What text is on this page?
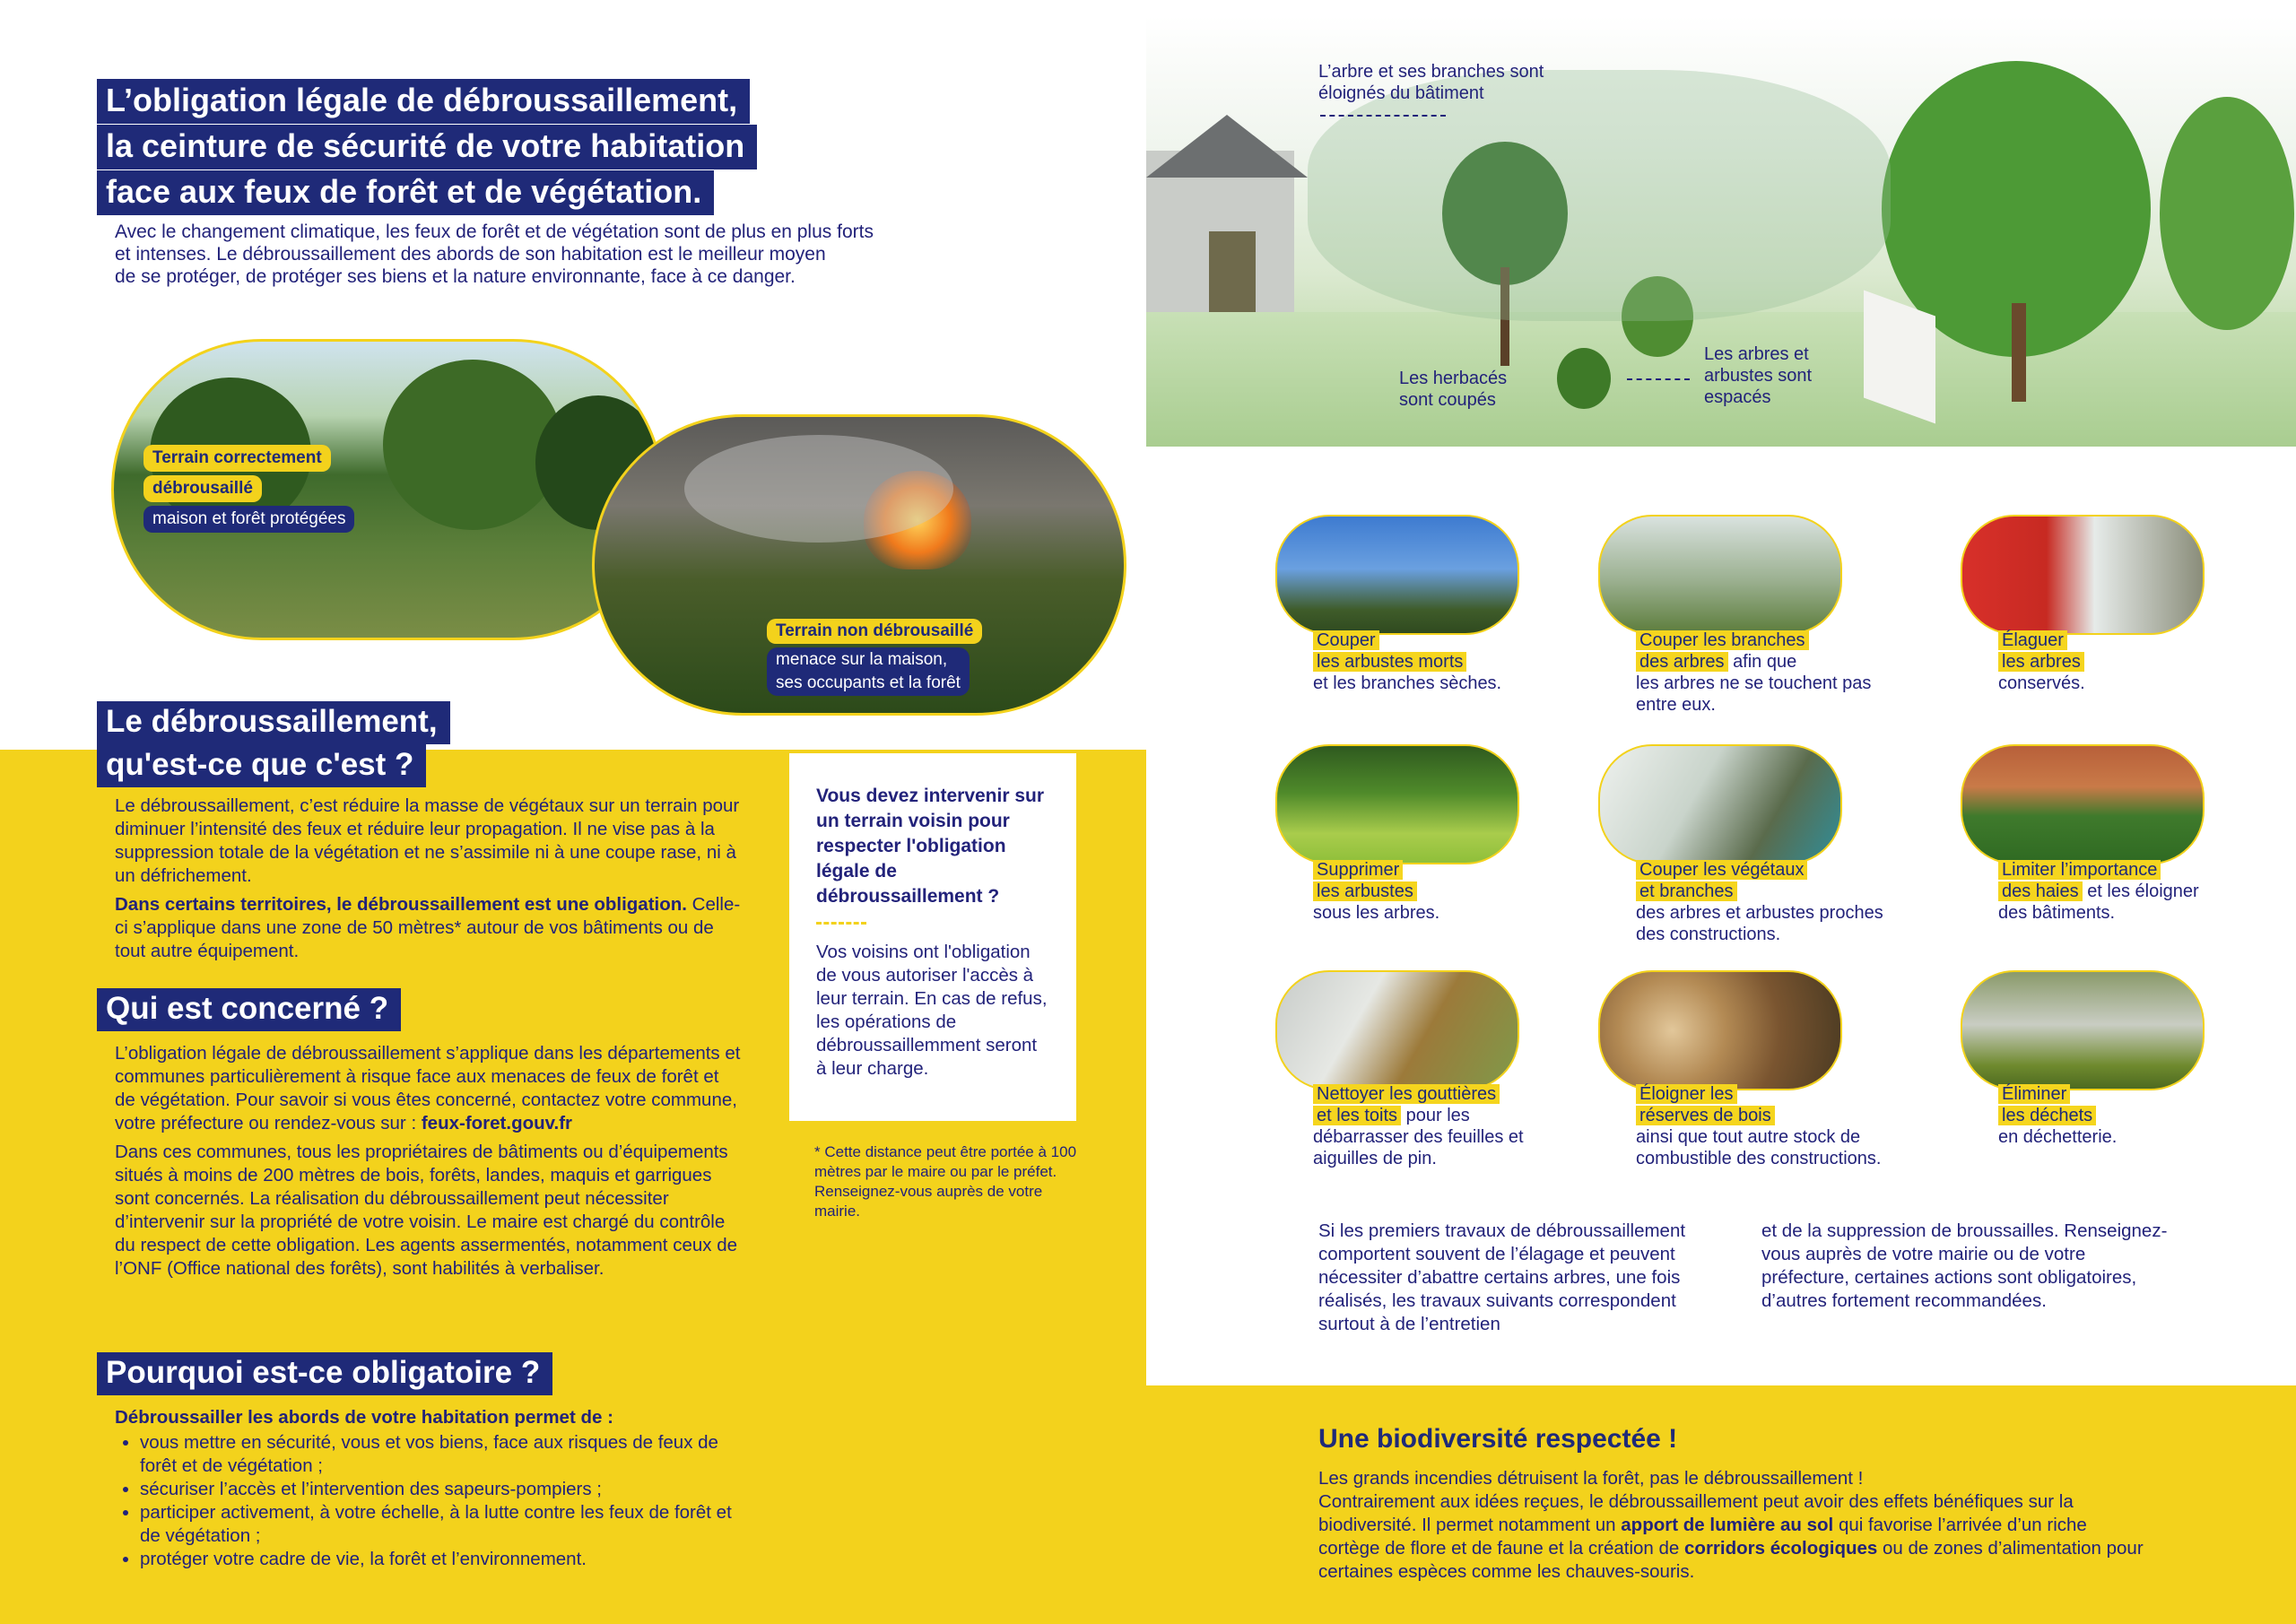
L’obligation légale de débroussaillement,
la ceinture de sécurité de votre habitation
face aux feux de forêt et de végétation.
Avec le changement climatique, les feux de forêt et de végétation sont de plus en plus forts
et intenses. Le débroussaillement des abords de son habitation est le meilleur moyen
de se protéger, de protéger ses biens et la nature environnante, face à ce danger.
Terrain correctement
débrousaillé
maison et forêt protégées
Terrain non débrousaillé
menace sur la maison,
ses occupants et la forêt
Le débroussaillement,
qu'est-ce que c'est ?

Le débroussaillement, c’est réduire la masse de végétaux sur un terrain pour diminuer l’intensité des feux et réduire leur propagation. Il ne vise pas à la suppression totale de la végétation et ne s’assimile ni à une coupe rase, ni à un défrichement.

Dans certains territoires, le débroussaillement est une obligation. Celle-ci s’applique dans une zone de 50 mètres* autour de vos bâtiments ou de tout autre équipement.

Qui est concerné ?

L’obligation légale de débroussaillement s’applique dans les départements et communes particulièrement à risque face aux menaces de feux de forêt et de végétation. Pour savoir si vous êtes concerné, contactez votre commune, votre préfecture ou rendez-vous sur : feux-foret.gouv.fr

Dans ces communes, tous les propriétaires de bâtiments ou d’équipements situés à moins de 200 mètres de bois, forêts, landes, maquis et garrigues sont concernés. La réalisation du débroussaillement peut nécessiter d’intervenir sur la propriété de votre voisin. Le maire est chargé du contrôle du respect de cette obligation. Les agents assermentés, notamment ceux de l’ONF (Office national des forêts), sont habilités à verbaliser.

Pourquoi est-ce obligatoire ?
Débroussailler les abords de votre habitation permet de :
• vous mettre en sécurité, vous et vos biens, face aux risques de feux de forêt et de végétation ;
• sécuriser l’accès et l’intervention des sapeurs-pompiers ;
• participer activement, à votre échelle, à la lutte contre les feux de forêt et de végétation ;
• protéger votre cadre de vie, la forêt et l’environnement.
Vous devez intervenir sur un terrain voisin pour respecter l'obligation légale de débroussaillement ?
Vos voisins ont l'obligation de vous autoriser l'accès à leur terrain. En cas de refus, les opérations de débroussaillemment seront à leur charge.
* Cette distance peut être portée à 100 mètres par le maire ou par le préfet. Renseignez-vous auprès de votre mairie.
L’arbre et ses branches sont éloignés du bâtiment
Les herbacés sont coupés
Les arbres et arbustes sont espacés
Couper
les arbustes morts
et les branches sèches.
Couper les branches
des arbres afin que
les arbres ne se touchent pas entre eux.
Élaguer
les arbres
conservés.
Supprimer
les arbustes
sous les arbres.
Couper les végétaux
et branches
des arbres et arbustes proches des constructions.
Limiter l’importance
des haies et les éloigner
des bâtiments.
Nettoyer les gouttières
et les toits pour les
débarrasser des feuilles et aiguilles de pin.
Éloigner les
réserves de bois
ainsi que tout autre stock de combustible des constructions.
Éliminer
les déchets
en déchetterie.
Si les premiers travaux de débroussaillement comportent souvent de l’élagage et peuvent nécessiter d’abattre certains arbres, une fois réalisés, les travaux suivants correspondent surtout à de l’entretien
et de la suppression de broussailles. Renseignez-vous auprès de votre mairie ou de votre préfecture, certaines actions sont obligatoires, d’autres fortement recommandées.
Une biodiversité respectée !
Les grands incendies détruisent la forêt, pas le débroussaillement !
Contrairement aux idées reçues, le débroussaillement peut avoir des effets bénéfiques sur la biodiversité. Il permet notamment un apport de lumière au sol qui favorise l’arrivée d’un riche cortège de flore et de faune et la création de corridors écologiques ou de zones d’alimentation pour certaines espèces comme les chauves-souris.
